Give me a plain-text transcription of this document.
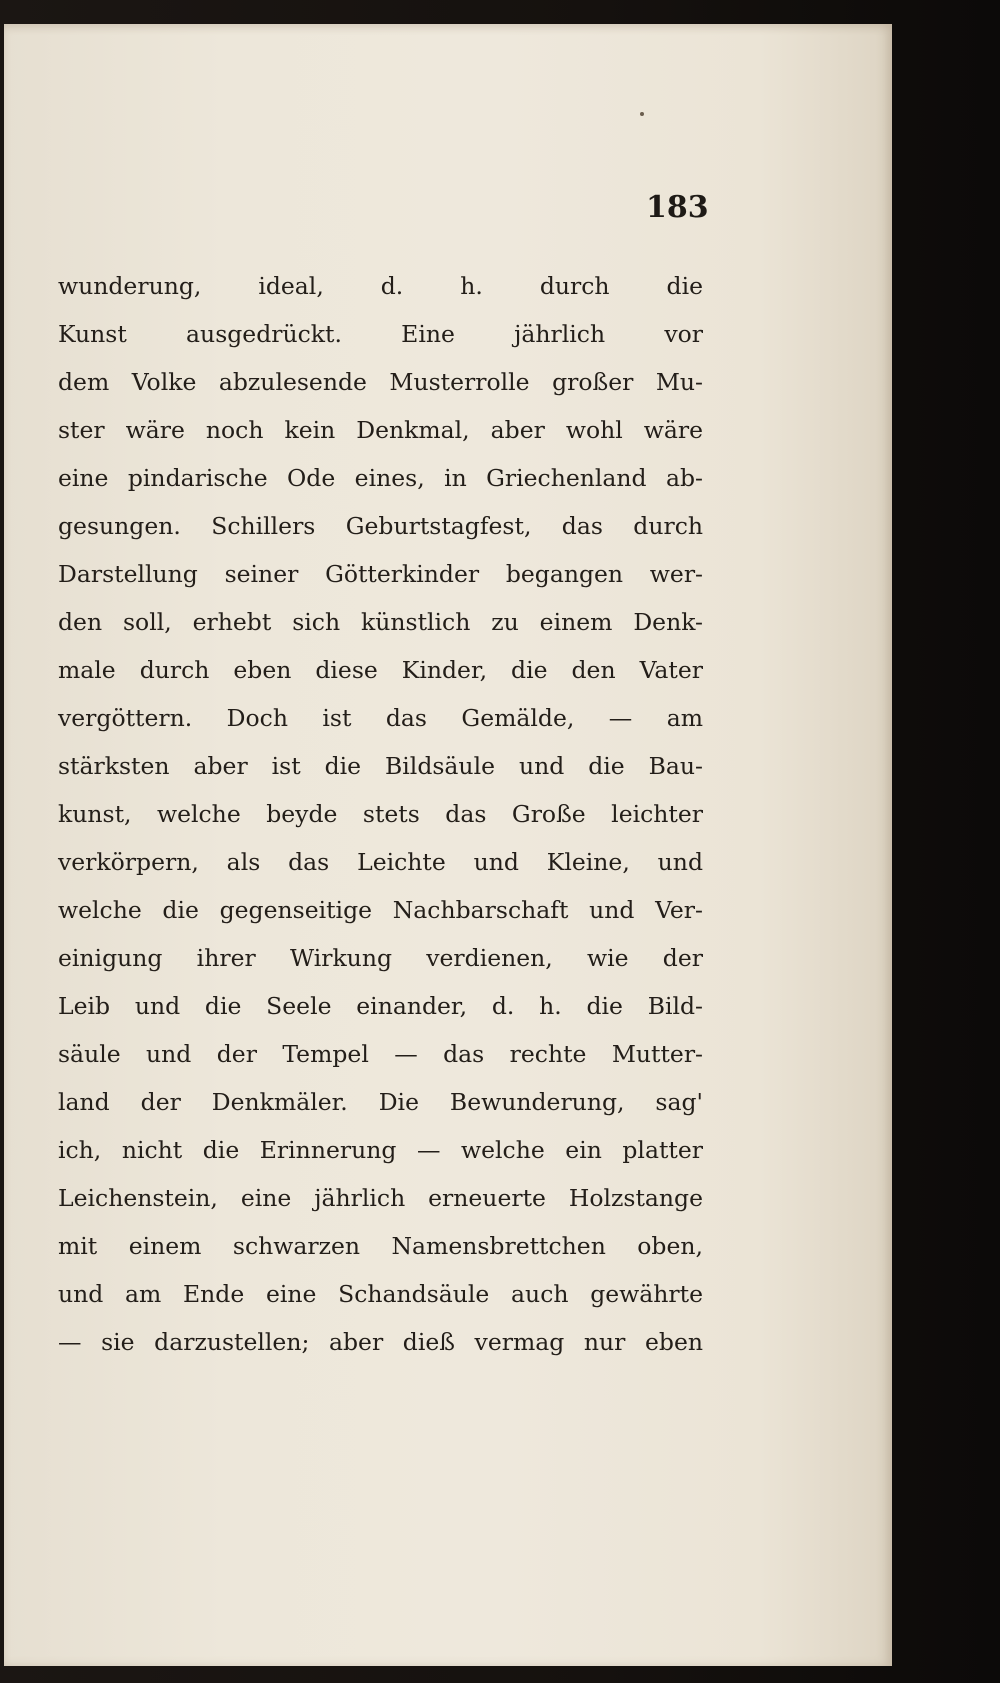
183
wunderung, ideal, d. h. durch die
Kunst ausgedrückt. Eine jährlich vor
dem Volke abzulesende Musterrolle großer Mu-
ster wäre noch kein Denkmal, aber wohl wäre
eine pindarische Ode eines, in Griechenland ab-
gesungen. Schillers Geburtstagfest, das durch
Darstellung seiner Götterkinder begangen wer-
den soll, erhebt sich künstlich zu einem Denk-
male durch eben diese Kinder, die den Vater
vergöttern. Doch ist das Gemälde, — am
stärksten aber ist die Bildsäule und die Bau-
kunst, welche beyde stets das Große leichter
verkörpern, als das Leichte und Kleine, und
welche die gegenseitige Nachbarschaft und Ver-
einigung ihrer Wirkung verdienen, wie der
Leib und die Seele einander, d. h. die Bild-
säule und der Tempel — das rechte Mutter-
land der Denkmäler. Die Bewunderung, sag'
ich, nicht die Erinnerung — welche ein platter
Leichenstein, eine jährlich erneuerte Holzstange
mit einem schwarzen Namensbrettchen oben,
und am Ende eine Schandsäule auch gewährte
— sie darzustellen; aber dieß vermag nur eben
